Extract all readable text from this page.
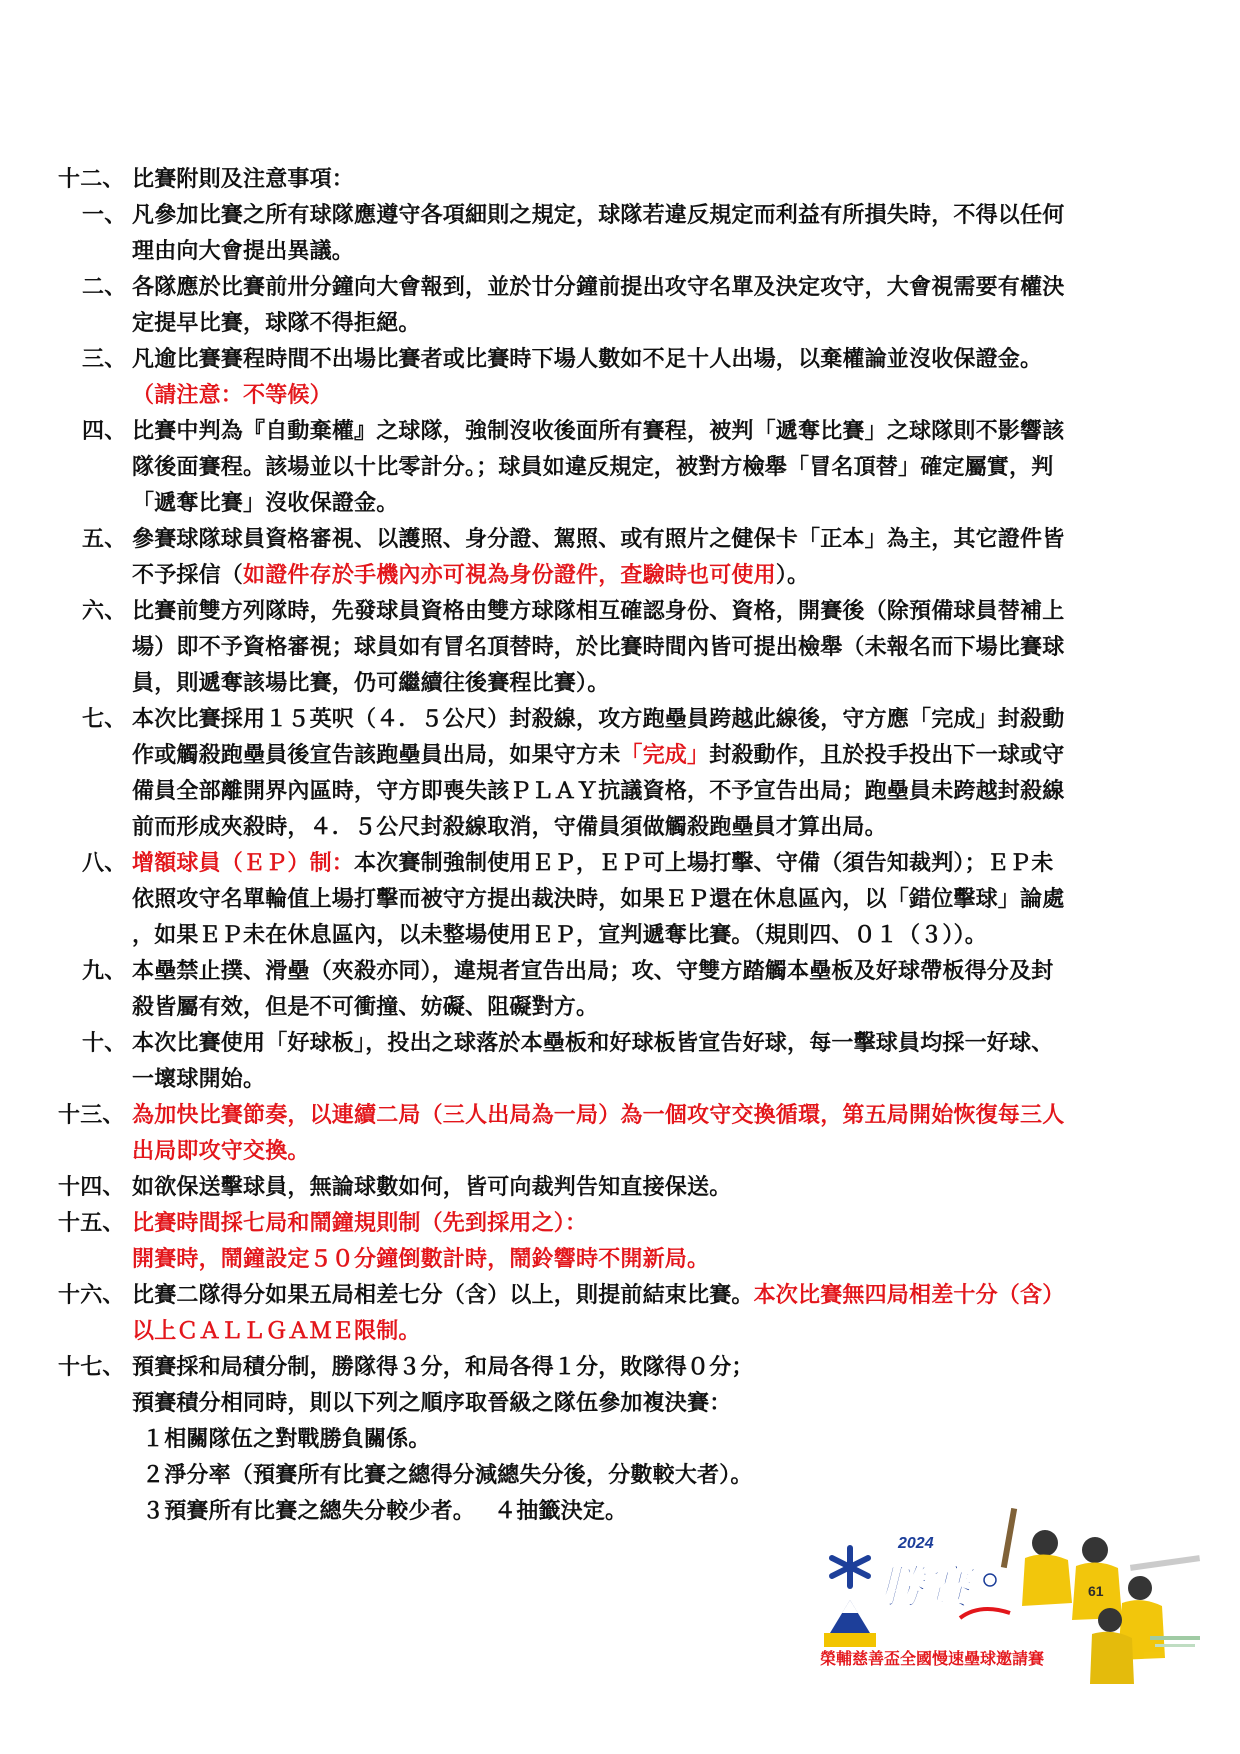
十二、 比賽附則及注意事項：
一、 凡參加比賽之所有球隊應遵守各項細則之規定，球隊若違反規定而利益有所損失時，不得以任何
理由向大會提出異議。
二、 各隊應於比賽前卅分鐘向大會報到，並於廿分鐘前提出攻守名單及決定攻守，大會視需要有權決
定提早比賽，球隊不得拒絕。
三、 凡逾比賽賽程時間不出場比賽者或比賽時下場人數如不足十人出場，以棄權論並沒收保證金。
（請注意：不等候）
四、 比賽中判為『自動棄權』之球隊，強制沒收後面所有賽程，被判「遞奪比賽」之球隊則不影響該
隊後面賽程。該場並以十比零計分。；球員如違反規定，被對方檢舉「冒名頂替」確定屬實，判
「遞奪比賽」沒收保證金。
五、 參賽球隊球員資格審視、以護照、身分證、駕照、或有照片之健保卡「正本」為主，其它證件皆
不予採信（如證件存於手機內亦可視為身份證件，查驗時也可使用）。
六、 比賽前雙方列隊時，先發球員資格由雙方球隊相互確認身份、資格，開賽後（除預備球員替補上
場）即不予資格審視；球員如有冒名頂替時，於比賽時間內皆可提出檢舉（未報名而下場比賽球
員，則遞奪該場比賽，仍可繼續往後賽程比賽）。
七、 本次比賽採用１５英呎（４．５公尺）封殺線，攻方跑壘員跨越此線後，守方應「完成」封殺動
作或觸殺跑壘員後宣告該跑壘員出局，如果守方未「完成」封殺動作，且於投手投出下一球或守
備員全部離開界內區時，守方即喪失該ＰＬＡＹ抗議資格，不予宣告出局；跑壘員未跨越封殺線
前而形成夾殺時，４．５公尺封殺線取消，守備員須做觸殺跑壘員才算出局。
八、 增額球員（ＥＰ）制：本次賽制強制使用ＥＰ，ＥＰ可上場打擊、守備（須告知裁判）；ＥＰ未
依照攻守名單輪值上場打擊而被守方提出裁決時，如果ＥＰ還在休息區內，以「錯位擊球」論處
，如果ＥＰ未在休息區內，以未整場使用ＥＰ，宣判遞奪比賽。（規則四、０１（３））。
九、 本壘禁止撲、滑壘（夾殺亦同），違規者宣告出局；攻、守雙方踏觸本壘板及好球帶板得分及封
殺皆屬有效，但是不可衝撞、妨礙、阻礙對方。
十、 本次比賽使用「好球板」，投出之球落於本壘板和好球板皆宣告好球，每一擊球員均採一好球、
一壞球開始。
十三、 為加快比賽節奏，以連續二局（三人出局為一局）為一個攻守交換循環，第五局開始恢復每三人
出局即攻守交換。
十四、 如欲保送擊球員，無論球數如何，皆可向裁判告知直接保送。
十五、 比賽時間採七局和鬧鐘規則制（先到採用之）：
開賽時，鬧鐘設定５０分鐘倒數計時，鬧鈴響時不開新局。
十六、 比賽二隊得分如果五局相差七分（含）以上，則提前結束比賽。本次比賽無四局相差十分（含）
以上ＣＡＬＬＧＡＭＥ限制。
十七、 預賽採和局積分制，勝隊得３分，和局各得１分，敗隊得０分；
預賽積分相同時，則以下列之順序取晉級之隊伍參加複決賽：
１相關隊伍之對戰勝負關係。
２淨分率（預賽所有比賽之總得分減總失分後，分數較大者）。
３預賽所有比賽之總失分較少者。　 ４抽籤決定。
61
2024
勝賽
榮輔慈善盃全國慢速壘球邀請賽
